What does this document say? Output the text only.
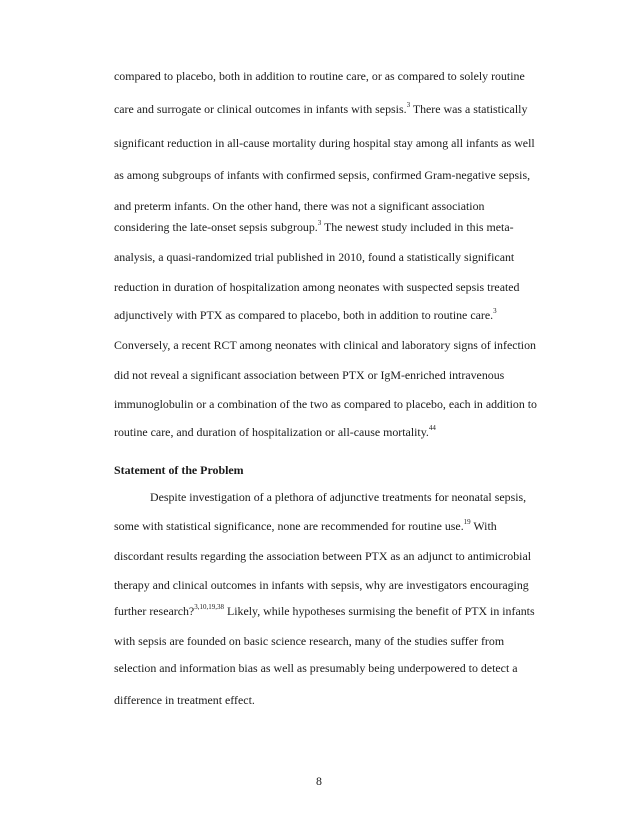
compared to placebo, both in addition to routine care, or as compared to solely routine
care and surrogate or clinical outcomes in infants with sepsis.$^3$ There was a statistically
significant reduction in all-cause mortality during hospital stay among all infants as well
as among subgroups of infants with confirmed sepsis, confirmed Gram-negative sepsis,
and preterm infants. On the other hand, there was not a significant association
considering the late-onset sepsis subgroup.$^3$ The newest study included in this meta-
analysis, a quasi-randomized trial published in 2010, found a statistically significant
reduction in duration of hospitalization among neonates with suspected sepsis treated
adjunctively with PTX as compared to placebo, both in addition to routine care.$^3$
Conversely, a recent RCT among neonates with clinical and laboratory signs of infection
did not reveal a significant association between PTX or IgM-enriched intravenous
immunoglobulin or a combination of the two as compared to placebo, each in addition to
routine care, and duration of hospitalization or all-cause mortality.$^{44}$
Statement of the Problem
Despite investigation of a plethora of adjunctive treatments for neonatal sepsis,
some with statistical significance, none are recommended for routine use.$^{19}$ With
discordant results regarding the association between PTX as an adjunct to antimicrobial
therapy and clinical outcomes in infants with sepsis, why are investigators encouraging
further research?$^{3,10,19,38}$ Likely, while hypotheses surmising the benefit of PTX in infants
with sepsis are founded on basic science research, many of the studies suffer from
selection and information bias as well as presumably being underpowered to detect a
difference in treatment effect.
8
